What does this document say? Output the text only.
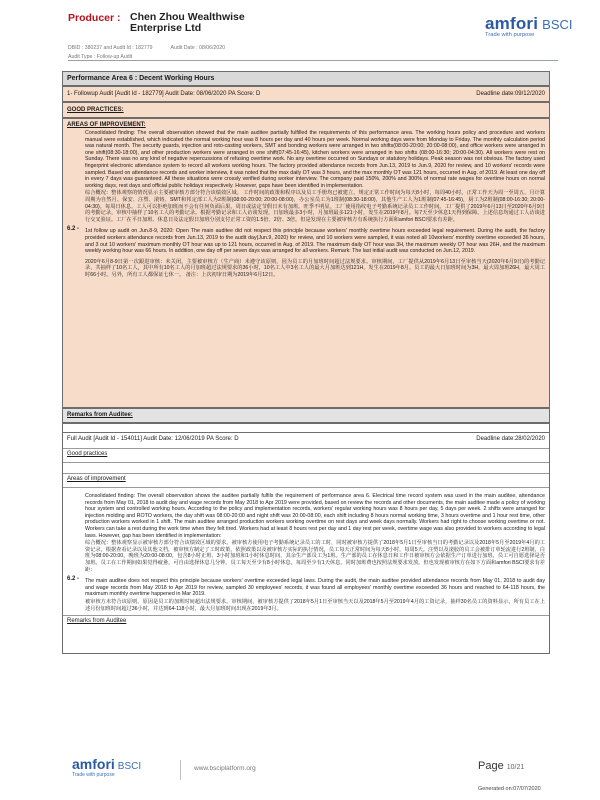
Producer : Chen Zhou Wealthwise Enterprise Ltd
DBID : 380237 and Audit Id : 182779	Audit Date : 08/06/2020
Audit Type : Follow-up Audit
amfori BSCI
Trade with purpose
Performance Area 6 : Decent Working Hours
1- Followup Audit [Audit Id - 182779] Audit Date: 08/06/2020 PA Score: D	Deadline date:09/12/2020
GOOD PRACTICES:
AREAS OF IMPROVEMENT:
Consolidated finding: The overall observation showed that the main auditee partially fulfilled the requirements of this performance area. The working hours policy and procedure and workers manual were established, which indicated the normal working hour was 8 hours per day and 40 hours per week. Normal working days were from Monday to Friday. The monthly calculation period was natural month. The security guards, injection and roto-casting workers, SMT and bonding workers were arranged in two shifts(08:00-20:00; 20:00-08:00), and office workers were arranged in one shift(08:30-18:00), and other production workers were arranged in one shift(07:45-16:45), kitchen workers were arranged in two shifts (08:00-16:30; 20:00-04:30). All workers were rest on Sunday. There was no any kind of negative repercussions of refusing overtime work. No any overtime occurred on Sundays or statutory holidays. Peak season was not obvious. The factory used fingerprint electronic attendance system to record all workers working hours. The factory provided attendance records from Jun.13, 2019 to Jun.9, 2020 for review, and 10 workers' records were sampled. Based on attendance records and worker interview, it was noted that the max daily OT was 3 hours, and the max monthly OT was 121 hours, occurred in Aug. of 2019. At least one day off in every 7 days was guaranteed. All these situations were crossly verified during worker interview. The company paid 150%, 200% and 300% of normal rate wages for overtime hours on normal working days, rest days and official public holidays respectively. However, gaps have been identified in implementation.
综合概况：整体观察的情况显示主要被审核方部分符合该绩效区域。 工作时间的政策和程序以及员工手册均已被建立，规定正常工作时间为每天8小时，每周40小时。正常工作天为周一至周五。月计算周期为自然月。保安、注塑、滚铸、SMT和邦定部工人为2班制(08:00-20:00; 20:00-08:00)，办公室员工为1班制(08:30-18:00)，其他生产工人为1班制(07:45-16:45)，厨工为2班制(08:00-16:30; 20:00-04:30)。每周日休息。工人可以拒绝加班而不会有任何负面后果。周日或法定节假日未有加班。旺季不明显。工厂使用指纹电子考勤系统记录员工工作时间。工厂提供了2019年6月13日至2020年6月9日的考勤记录，审核中抽样了10名工人的考勤记录。根据考勤记录和工人访谈发现，日加班最多3小时，月加班最多121小时，发生在2019年8月。每7天至少休息1天得到保障。上述信息均通过工人访谈进行交叉验证。工厂在平日加班、休息日及法定假日加班分别支付正常工资的1.5倍、2倍、3倍。但是发现在主要被审核方有系统执行方面和amfori BSCI要求有差距。
6.2 -	1st follow up audit on Jun.8-9, 2020: Open The main auditee did not respect this principle because workers' monthly overtime hours exceeded legal requirement. During the audit, the factory provided workers attendance records from Jun.13, 2019 to the audit day(Jun.9, 2020) for review, and 10 workers were sampled, it was noted all 10workers' monthly overtime exceeded 36 hours, and 3 out 10 workers' maximum monthly OT hour was up to 121 hours, occurred in Aug. of 2019. The maximum daily OT hour was 3H, the maximum weekly OT hour was 26H, and the maximum weekly working hour was 66 hours. In addition, one day off per seven days was arranged for all workers. Remark: The last initial audit was conducted on Jun.12, 2019.
2020年6月8-9日第一次跟进审核：未关闭，主要被审核方（生产商）未遵守该原则，因为员工的月加班时间超过法规要求。审核期间，工厂提供从2019年6月13日至审核当天(2020年6月9日)的考勤记录，共抽样了10名工人，其中所有10名工人的月加班超过法规要求的36小时，10名工人中3名工人的最大月加班达到121H，发生在2019年8月。员工的最大日加班时间为3H，最大周加班26H，最大周工时66小时。另外，所有工人都保证七休一。 备注：上次初审日期为2019年6月12日。
Remarks from Auditee:
Full Audit [Audit Id - 154011] Audit Date: 12/06/2019 PA Score: D	Deadline date:28/02/2020
Good practices
Areas of improvement
Consolidated finding: The overall observation shows the auditee partially fulfils the requirement of performance area 6. Electrical time record system was used in the main auditee, attendance records from May 01, 2018 to audit day and wage records from May 2018 to Apr 2019 were provided, based on review the records and other documents, the main auditee made a policy of working hour system and controlled working hours. According to the policy and implementation records, workers' regular working hours was 8 hours per day, 5 days per week. 2 shifts were arranged for injection molding and ROTO workers, the day shift was 08:00-20:00 and night shift was 20:00-08:00, each shift including 8 hours normal working time, 3 hours overtime and 1 hour rest time, other production workers worked in 1 shift. The main auditee arranged production workers working overtime on rest days and week days normally. Workers had right to choose working overtime or not. Workers can take a rest during the work time when they felt tired. Workers had at least 8 hours rest per day and 1 day rest per week, overtime wage was also provided to workers according to legal laws. However, gap has been identified in implementation:
综合概况：整体观察显示被审核方部分符合该绩效区域的要求。被审核方使用电子考勤系统记录员工的工时，同时被审核方提供了2018年5月1日至审核当日的考勤记录以及2018年5月至2019年4月的工资记录，根据查看记录以及其他文档，被审核方制定了工时政策，依照政策以及被审核方实际的执行情况，员工每天正常时间为每天8小时，每周5天。注塑以及滚胶的员工会被排订单轮流进行2班制，白班为08:00-20:00，晚班为20:00-08:00，包含8小时正班、3小时加班和1小时休息时间，其余生产部员工为1班。生产部的员工在休息日和工作日被审核方会依据生产订单进行加班，员工可自愿选择是否加班。员工在工作期间如果觉得疲惫，可自由选择休息几分钟。员工每天至少有8小时休息，每周至少有1天休息，同时加班费也按照法规要求发放。但也发现被审核方在如下方面和amfori BSCI要求有差距：
6.2 -	The main auditee does not respect this principle because workers' overtime exceeded legal laws. During the audit, the main auditee provided attendance records from May 01, 2018 to audit day and wage records from May 2018 to Apr 2019 for review, sampled 30 employees' records, it was found all employees' monthly overtime exceeded 36 hours and reached to 64-118 hours, the maximum monthly overtime happened in Mar 2019.
被审核方未符合该原则，原因是员工的加班时间超出法规要求。审核期间，被审核方提供了2018年5月1日至审核当天以及2018年5月至2019年4月的工资记录，抽样30名员工的资料显示，所有员工在上述月份加班时间超过36小时，并达到64-118小时，最大月加班时间出现在2019年3月。
Remarks from Auditee
amfori BSCI
Trade with purpose
www.bsciplatform.org	Page 10/21
Generated on:07/07/2020
